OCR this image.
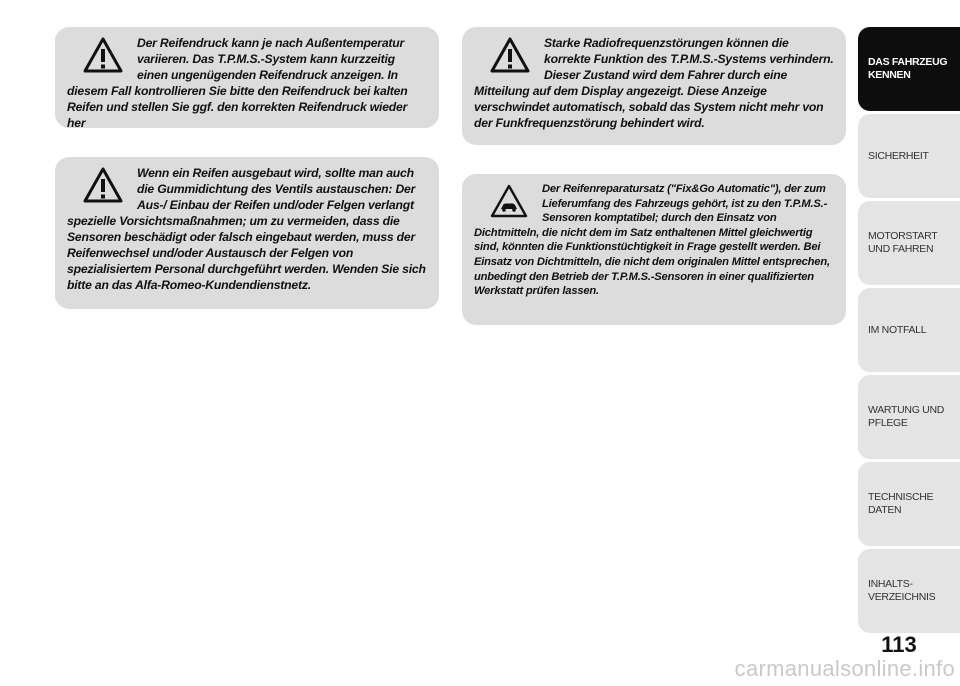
Der Reifendruck kann je nach Außentemperatur variieren. Das T.P.M.S.-System kann kurzzeitig einen ungenügenden Reifendruck anzeigen. In diesem Fall kontrollieren Sie bitte den Reifendruck bei kalten Reifen und stellen Sie ggf. den korrekten Reifendruck wieder her

Wenn ein Reifen ausgebaut wird, sollte man auch die Gummidichtung des Ventils austauschen: Der Aus-/ Einbau der Reifen und/oder Felgen verlangt spezielle Vorsichtsmaßnahmen; um zu vermeiden, dass die Sensoren beschädigt oder falsch eingebaut werden, muss der Reifenwechsel und/oder Austausch der Felgen von spezialisiertem Personal durchgeführt werden. Wenden Sie sich bitte an das Alfa-Romeo-Kundendienstnetz.

Starke Radiofrequenzstörungen können die korrekte Funktion des T.P.M.S.-Systems verhindern. Dieser Zustand wird dem Fahrer durch eine Mitteilung auf dem Display angezeigt. Diese Anzeige verschwindet automatisch, sobald das System nicht mehr von der Funkfrequenzstörung behindert wird.

Der Reifenreparatursatz ("Fix&Go Automatic"), der zum Lieferumfang des Fahrzeugs gehört, ist zu den T.P.M.S.-Sensoren komptatibel; durch den Einsatz von Dichtmitteln, die nicht dem im Satz enthaltenen Mittel gleichwertig sind, könnten die Funktionstüchtigkeit in Frage gestellt werden. Bei Einsatz von Dichtmitteln, die nicht dem originalen Mittel entsprechen, unbedingt den Betrieb der T.P.M.S.-Sensoren in einer qualifizierten Werkstatt prüfen lassen.

DAS FAHRZEUG KENNEN
SICHERHEIT
MOTORSTART UND FAHREN
IM NOTFALL
WARTUNG UND PFLEGE
TECHNISCHE DATEN
INHALTS- VERZEICHNIS
113
carmanualsonline.info
